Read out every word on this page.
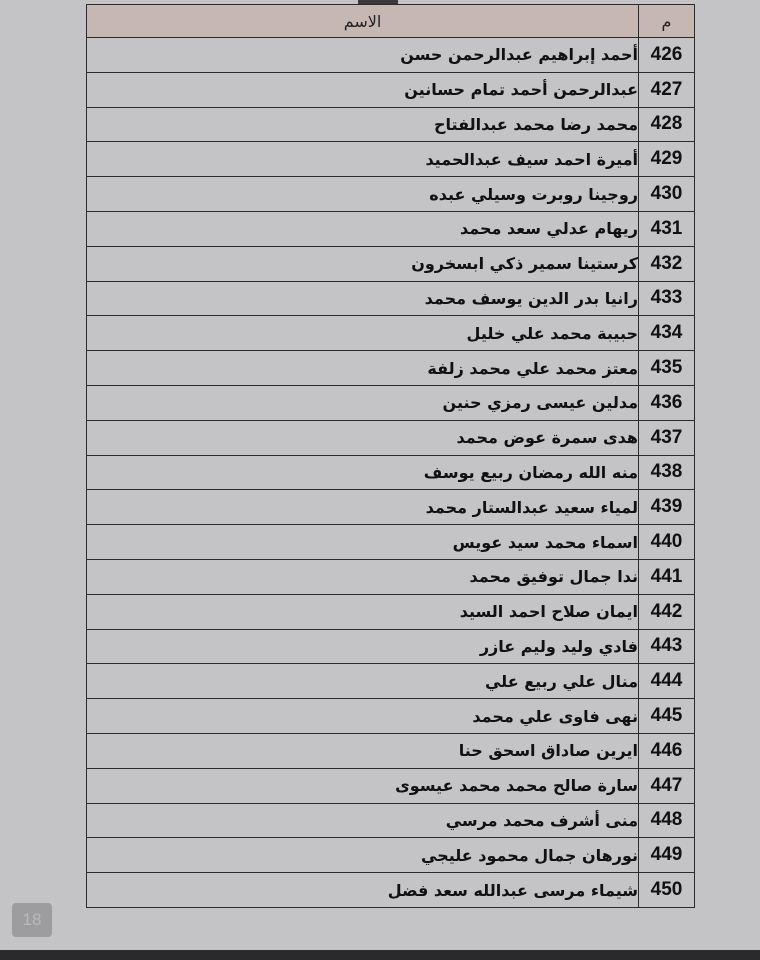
م	الاسم
426	أحمد إبراهيم عبدالرحمن حسن
427	عبدالرحمن أحمد تمام حسانين
428	محمد رضا محمد عبدالفتاح
429	أميرة احمد سيف عبدالحميد
430	روجينا روبرت وسيلي عبده
431	ريهام عدلي سعد محمد
432	كرستينا سمير ذكي ابسخرون
433	رانيا بدر الدين يوسف محمد
434	حبيبة محمد علي خليل
435	معتز محمد علي محمد زلفة
436	مدلين عيسى رمزي حنين
437	هدى سمرة عوض محمد
438	منه الله رمضان ربيع يوسف
439	لمياء سعيد عبدالستار محمد
440	اسماء محمد سيد عويس
441	ندا جمال توفيق محمد
442	ايمان صلاح احمد السيد
443	فادي وليد وليم عازر
444	منال علي ربيع علي
445	نهى فاوى علي محمد
446	ايرين صاداق اسحق حنا
447	سارة صالح محمد محمد عيسوى
448	منى أشرف محمد مرسي
449	نورهان جمال محمود عليجي
450	شيماء مرسى عبدالله سعد فضل
18
